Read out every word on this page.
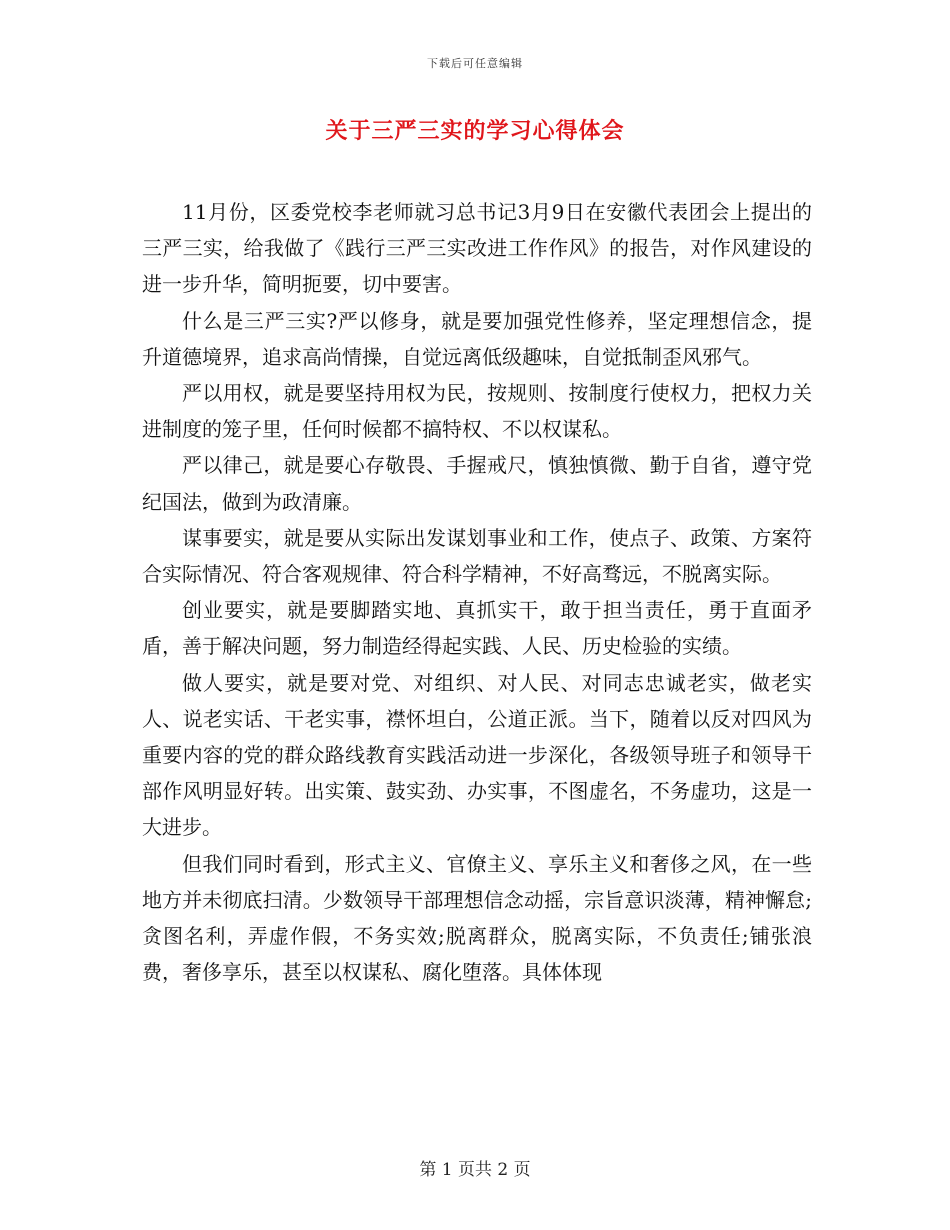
下载后可任意编辑
关于三严三实的学习心得体会

11月份，区委党校李老师就习总书记3月9日在安徽代表团会上提出的三严三实，给我做了《践行三严三实改进工作作风》的报告，对作风建设的进一步升华，简明扼要，切中要害。

什么是三严三实?严以修身，就是要加强党性修养，坚定理想信念，提升道德境界，追求高尚情操，自觉远离低级趣味，自觉抵制歪风邪气。

严以用权，就是要坚持用权为民，按规则、按制度行使权力，把权力关进制度的笼子里，任何时候都不搞特权、不以权谋私。

严以律己，就是要心存敬畏、手握戒尺，慎独慎微、勤于自省，遵守党纪国法，做到为政清廉。

谋事要实，就是要从实际出发谋划事业和工作，使点子、政策、方案符合实际情况、符合客观规律、符合科学精神，不好高骛远，不脱离实际。

创业要实，就是要脚踏实地、真抓实干，敢于担当责任，勇于直面矛盾，善于解决问题，努力制造经得起实践、人民、历史检验的实绩。

做人要实，就是要对党、对组织、对人民、对同志忠诚老实，做老实人、说老实话、干老实事，襟怀坦白，公道正派。当下，随着以反对四风为重要内容的党的群众路线教育实践活动进一步深化，各级领导班子和领导干部作风明显好转。出实策、鼓实劲、办实事，不图虚名，不务虚功，这是一大进步。

但我们同时看到，形式主义、官僚主义、享乐主义和奢侈之风，在一些地方并未彻底扫清。少数领导干部理想信念动摇，宗旨意识淡薄，精神懈怠;贪图名利，弄虚作假，不务实效;脱离群众，脱离实际，不负责任;铺张浪费，奢侈享乐，甚至以权谋私、腐化堕落。具体体现

第 1 页共 2 页
